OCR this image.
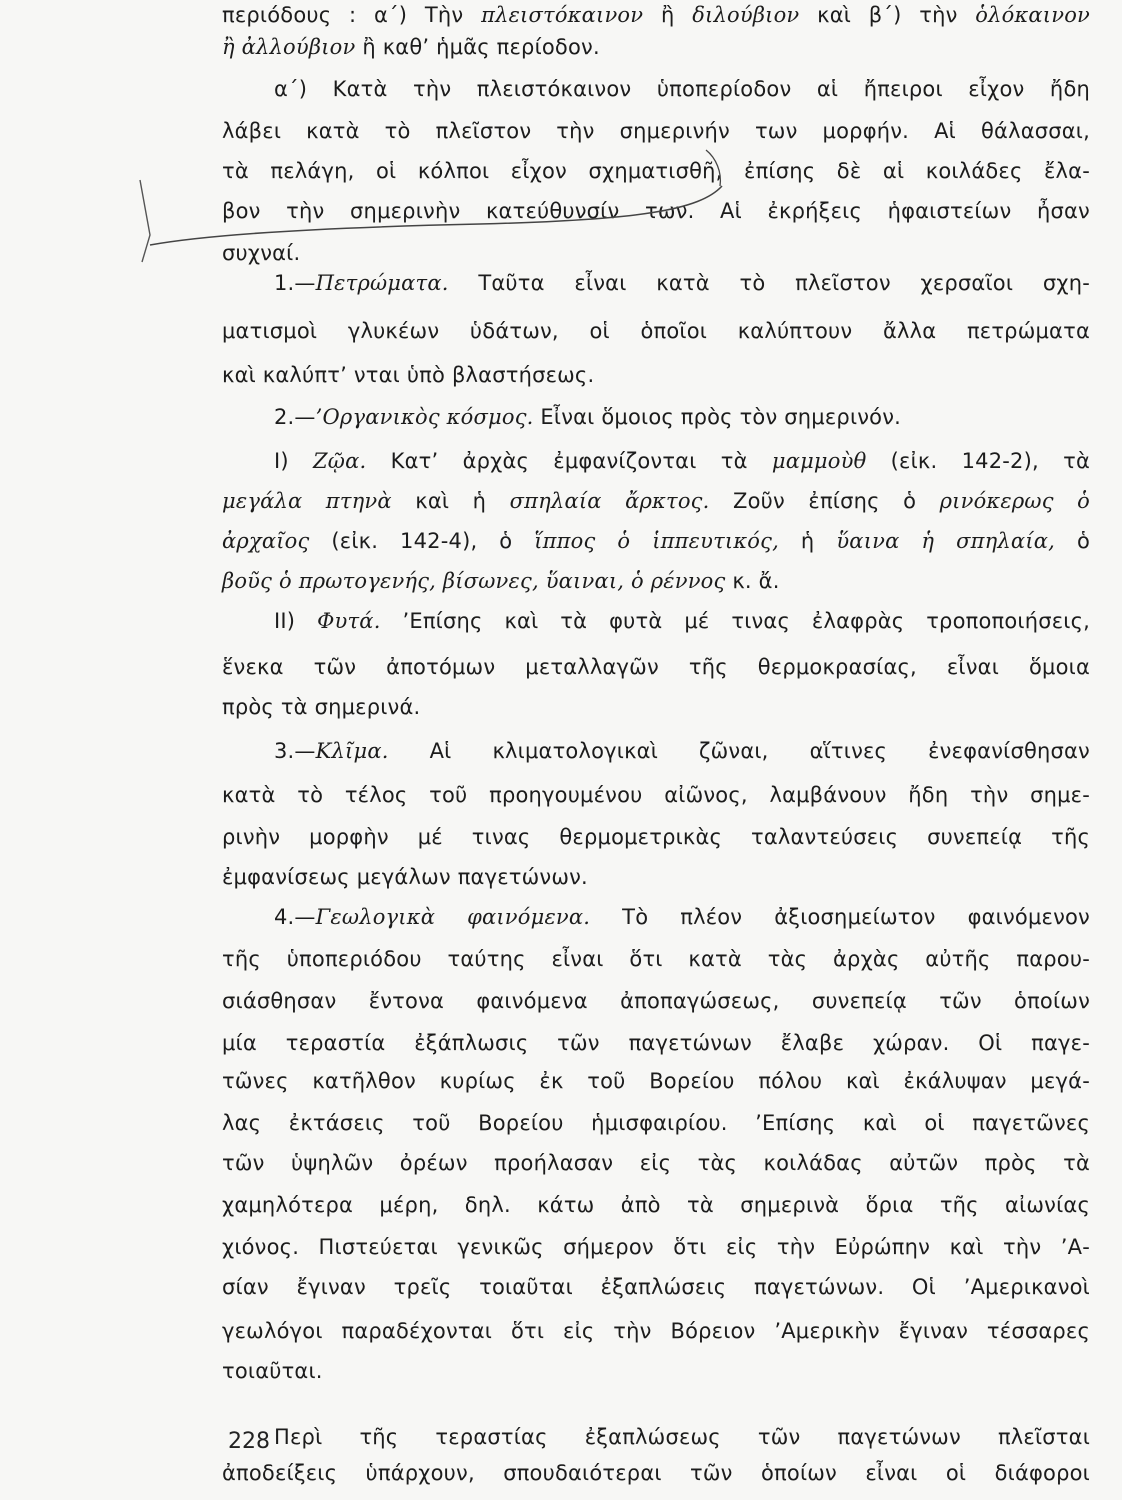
περιόδους : α΄) Τὴν πλειστόκαινον ἢ διλούβιον καὶ β΄) τὴν ὁλόκαινον
ἢ ἀλλούβιον ἢ καθ’ ἡμᾶς περίοδον.
α΄) Κατὰ τὴν πλειστόκαινον ὑποπερίοδον αἱ ἤπειροι εἶχον ἤδη
λάβει κατὰ τὸ πλεῖστον τὴν σημερινήν των μορφήν. Αἱ θάλασσαι,
τὰ πελάγη, οἱ κόλποι εἶχον σχηματισθῆ, ἐπίσης δὲ αἱ κοιλάδες ἔλα-
βον τὴν σημερινὴν κατεύθυνσίν των. Αἱ ἐκρήξεις ἡφαιστείων ἦσαν
συχναί.
1.—Πετρώματα. Ταῦτα εἶναι κατὰ τὸ πλεῖστον χερσαῖοι σχη-
ματισμοὶ γλυκέων ὑδάτων, οἱ ὁποῖοι καλύπτουν ἄλλα πετρώματα
καὶ καλύπτ’ νται ὑπὸ βλαστήσεως.
2.—’Οργανικὸς κόσμος. Εἶναι ὅμοιος πρὸς τὸν σημερινόν.
I) Ζῷα. Κατ’ ἀρχὰς ἐμφανίζονται τὰ μαμμοὺθ (εἰκ. 142-2), τὰ
μεγάλα πτηνὰ καὶ ἡ σπηλαία ἄρκτος. Ζοῦν ἐπίσης ὁ ρινόκερως ὁ
ἀρχαῖος (εἰκ. 142-4), ὁ ἵππος ὁ ἱππευτικός, ἡ ὕαινα ἡ σπηλαία, ὁ
βοῦς ὁ πρωτογενής, βίσωνες, ὕαιναι, ὁ ρέννος κ. ἄ.
II) Φυτά. ’Επίσης καὶ τὰ φυτὰ μέ τινας ἐλαφρὰς τροποποιήσεις,
ἕνεκα τῶν ἀποτόμων μεταλλαγῶν τῆς θερμοκρασίας, εἶναι ὅμοια
πρὸς τὰ σημερινά.
3.—Κλῖμα. Αἱ κλιματολογικαὶ ζῶναι, αἵτινες ἐνεφανίσθησαν
κατὰ τὸ τέλος τοῦ προηγουμένου αἰῶνος, λαμβάνουν ἤδη τὴν σημε-
ρινὴν μορφὴν μέ τινας θερμομετρικὰς ταλαντεύσεις συνεπείᾳ τῆς
ἐμφανίσεως μεγάλων παγετώνων.
4.—Γεωλογικὰ φαινόμενα. Τὸ πλέον ἀξιοσημείωτον φαινόμενον
τῆς ὑποπεριόδου ταύτης εἶναι ὅτι κατὰ τὰς ἀρχὰς αὐτῆς παρου-
σιάσθησαν ἔντονα φαινόμενα ἀποπαγώσεως, συνεπείᾳ τῶν ὁποίων
μία τεραστία ἐξάπλωσις τῶν παγετώνων ἔλαβε χώραν. Οἱ παγε-
τῶνες κατῆλθον κυρίως ἐκ τοῦ Βορείου πόλου καὶ ἐκάλυψαν μεγά-
λας ἐκτάσεις τοῦ Βορείου ἡμισφαιρίου. ’Επίσης καὶ οἱ παγετῶνες
τῶν ὑψηλῶν ὀρέων προήλασαν εἰς τὰς κοιλάδας αὐτῶν πρὸς τὰ
χαμηλότερα μέρη, δηλ. κάτω ἀπὸ τὰ σημερινὰ ὅρια τῆς αἰωνίας
χιόνος. Πιστεύεται γενικῶς σήμερον ὅτι εἰς τὴν Εὐρώπην καὶ τὴν ’Α-
σίαν ἔγιναν τρεῖς τοιαῦται ἐξαπλώσεις παγετώνων. Οἱ ’Αμερικανοὶ
γεωλόγοι παραδέχονται ὅτι εἰς τὴν Βόρειον ’Αμερικὴν ἔγιναν τέσσαρες
τοιαῦται.
Περὶ τῆς τεραστίας ἐξαπλώσεως τῶν παγετώνων πλεῖσται
ἀποδείξεις ὑπάρχουν, σπουδαιότεραι τῶν ὁποίων εἶναι οἱ διάφοροι
228
